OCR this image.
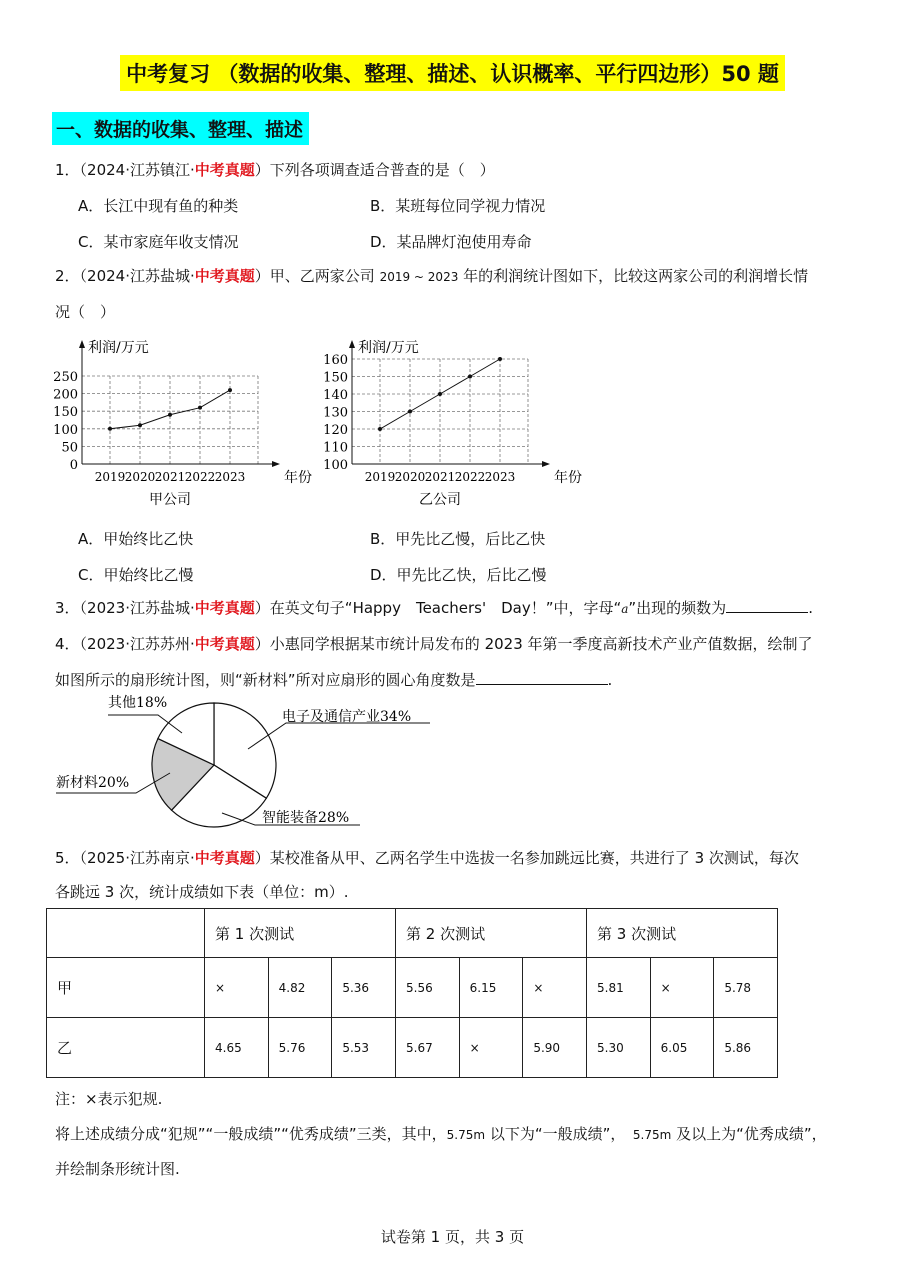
中考复习 （数据的收集、整理、描述、认识概率、平行四边形）50 题
一、数据的收集、整理、描述
1．（2024·江苏镇江·中考真题）下列各项调查适合普查的是（　）
A．长江中现有鱼的种类	B．某班每位同学视力情况
C．某市家庭年收支情况	D．某品牌灯泡使用寿命
2．（2024·江苏盐城·中考真题）甲、乙两家公司 2019 ~ 2023 年的利润统计图如下，比较这两家公司的利润增长情
况（　）
0
50
100
150
200
250
2019 2020 2021 2022 2023
利润/万元
年份
甲公司
100
110
120
130
140
150
160
2019 2020 2021 2022 2023
利润/万元
年份
乙公司
A．甲始终比乙快	B．甲先比乙慢，后比乙快
C．甲始终比乙慢	D．甲先比乙快，后比乙慢
3．（2023·江苏盐城·中考真题）在英文句子“Happy　Teachers'　Day！”中，字母“a”出现的频数为	.
4．（2023·江苏苏州·中考真题）小惠同学根据某市统计局发布的 2023 年第一季度高新技术产业产值数据，绘制了
如图所示的扇形统计图，则“新材料”所对应扇形的圆心角度数是	.
电子及通信产业34%
智能装备28%
新材料20%
其他18%
5．（2025·江苏南京·中考真题）某校准备从甲、乙两名学生中选拔一名参加跳远比赛，共进行了 3 次测试，每次
各跳远 3 次，统计成绩如下表（单位：m）.
	第 1 次测试			第 2 次测试			第 3 次测试		
甲	×	4.82	5.36	5.56	6.15	×	5.81	×	5.78
乙	4.65	5.76	5.53	5.67	×	5.90	5.30	6.05	5.86
注：×表示犯规.
将上述成绩分成“犯规”“一般成绩”“优秀成绩”三类，其中，5.75m 以下为“一般成绩”，　 5.75m 及以上为“优秀成绩”，
并绘制条形统计图.
试卷第 1 页，共 3 页
